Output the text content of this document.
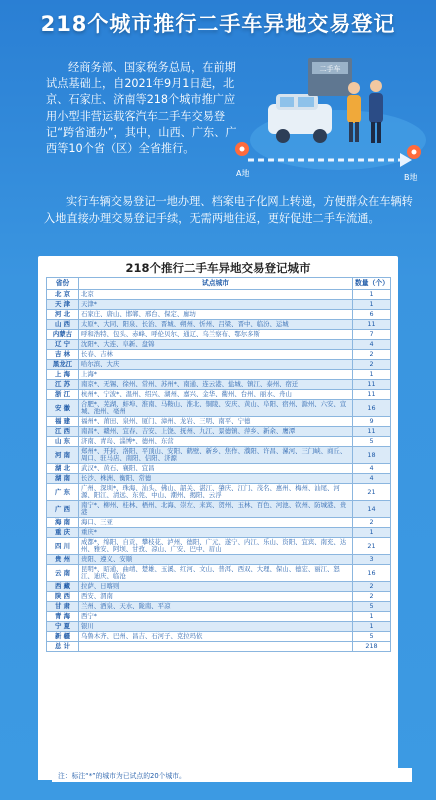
218个城市推行二手车异地交易登记
经商务部、国家税务总局，在前期试点基础上，自2021年9月1日起，北京、石家庄、济南等218个城市推广应用小型非营运载客汽车二手车交易登记“跨省通办”，其中，山西、广东、广西等10个省（区）全省推行。
二手车
A地	B地
实行车辆交易登记一地办理、档案电子化网上转递，方便群众在车辆转入地直接办理交易登记手续，无需两地往返，更好促进二手车流通。
218个推行二手车异地交易登记城市
省份	试点城市	数量（个）
北 京	北京	1
天 津	天津*	1
河 北	石家庄、唐山、邯郸、邢台、保定、廊坊	6
山 西	太原*、大同、阳泉、长治、晋城、朔州、忻州、吕梁、晋中、临汾、运城	11
内蒙古	呼和浩特、包头、赤峰、呼伦贝尔、通辽、乌兰察布、鄂尔多斯	7
辽 宁	沈阳*、大连、阜新、盘锦	4
吉 林	长春、吉林	2
黑龙江	哈尔滨、大庆	2
上 海	上海*	1
江 苏	南京*、无锡、徐州、常州、苏州*、南通、连云港、盐城、镇江、泰州、宿迁	11
浙 江	杭州*、宁波*、温州、绍兴、湖州、嘉兴、金华、衢州、台州、丽水、舟山	11
安 徽	合肥*、芜湖、蚌埠、淮南、马鞍山、淮北、铜陵、安庆、黄山、阜阳、宿州、滁州、六安、宣城、池州、亳州	16
福 建	福州*、莆田、泉州、厦门、漳州、龙岩、三明、南平、宁德	9
江 西	南昌*、赣州、宜春、吉安、上饶、抚州、九江、景德镇、萍乡、新余、鹰潭	11
山 东	济南、青岛、淄博*、德州、东营	5
河 南	郑州*、开封、洛阳、平顶山、安阳、鹤壁、新乡、焦作、濮阳、许昌、漯河、三门峡、商丘、周口、驻马店、南阳、信阳、济源	18
湖 北	武汉*、黄石、襄阳、宜昌	4
湖 南	长沙、株洲、衡阳、常德	4
广 东	广州、深圳*、珠海、汕头、佛山、韶关、湛江、肇庆、江门、茂名、惠州、梅州、汕尾、河源、阳江、清远、东莞、中山、潮州、揭阳、云浮	21
广 西	南宁*、柳州、桂林、梧州、北海、崇左、来宾、贺州、玉林、百色、河池、钦州、防城港、贵港	14
海 南	海口、三亚	2
重 庆	重庆*	1
四 川	成都*、绵阳、自贡、攀枝花、泸州、德阳、广元、遂宁、内江、乐山、资阳、宜宾、南充、达州、雅安、阿坝、甘孜、凉山、广安、巴中、眉山	21
贵 州	贵阳、遵义、安顺	3
云 南	昆明*、昭通、曲靖、楚雄、玉溪、红河、文山、普洱、西双、大理、保山、德宏、丽江、怒江、迪庆、临沧	16
西 藏	拉萨、日喀则	2
陕 西	西安、渭南	2
甘 肃	兰州、酒泉、天水、陇南、平凉	5
青 海	西宁*	1
宁 夏	银川	1
新 疆	乌鲁木齐、巴州、昌吉、石河子、克拉玛依	5
总 计		218
注：标注“*”的城市为已试点的20个城市。
